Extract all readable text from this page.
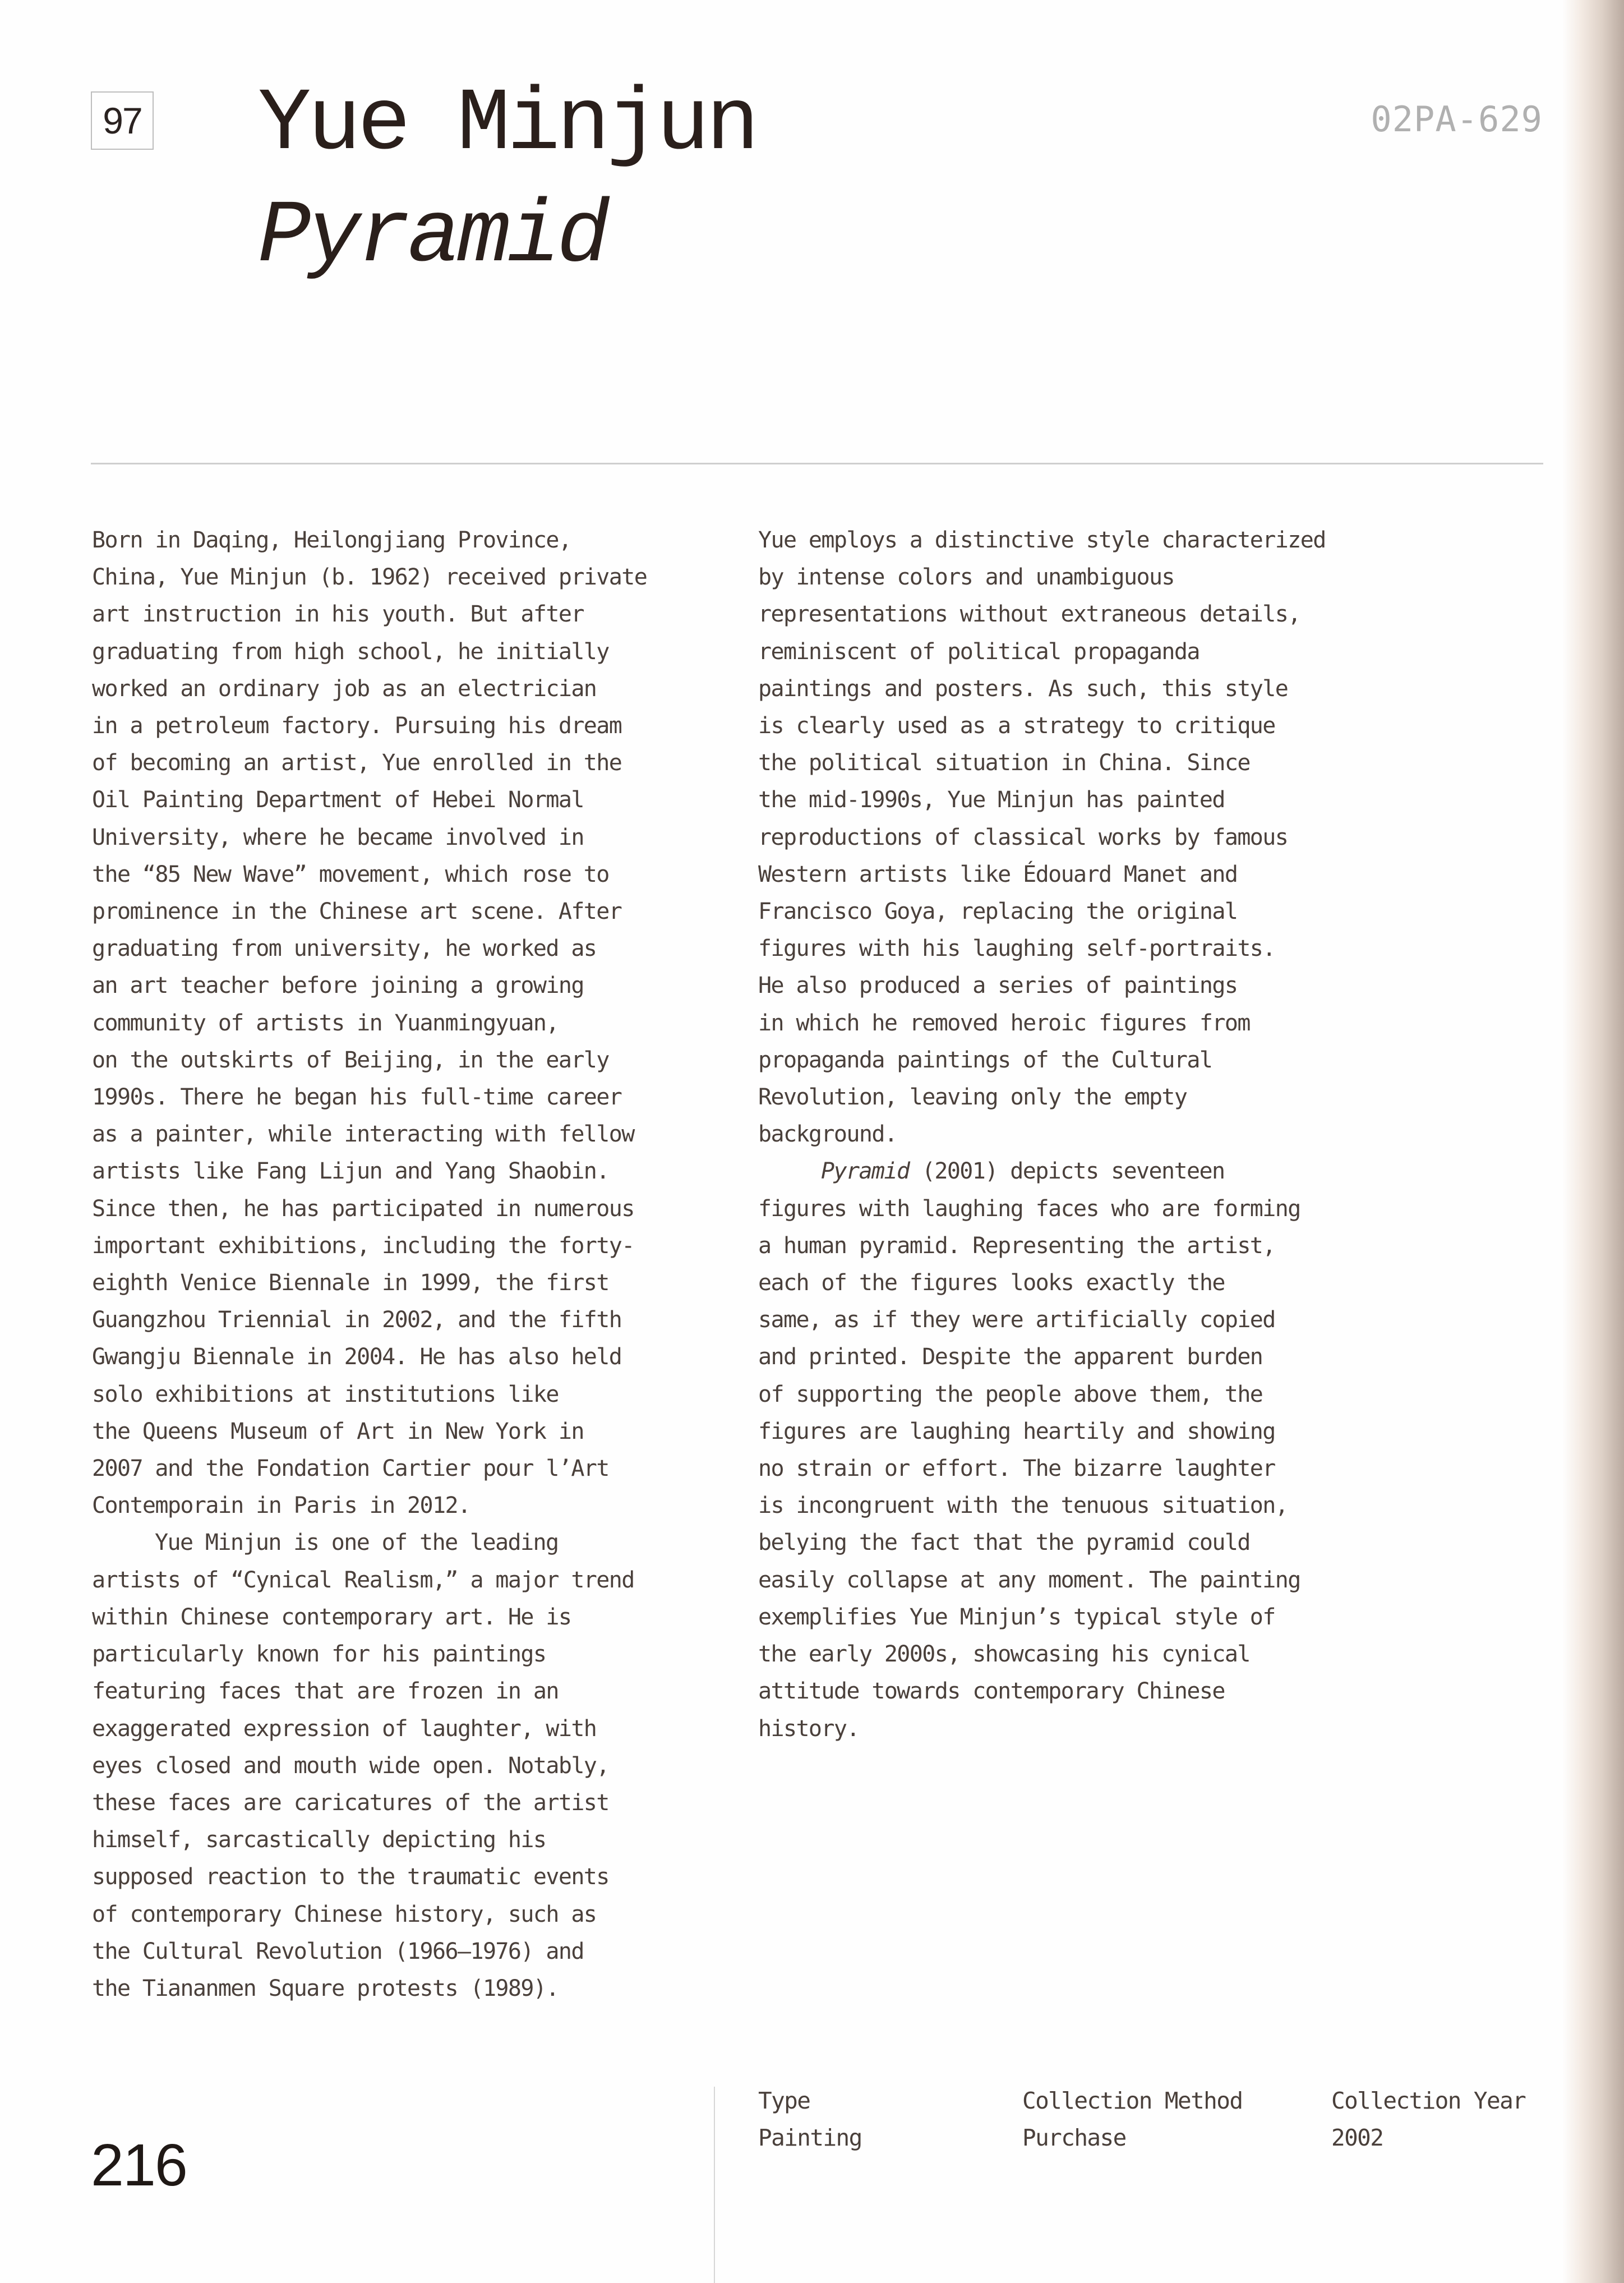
97 Yue Minjun
Pyramid
02PA-629

Born in Daqing, Heilongjiang Province,
China, Yue Minjun (b. 1962) received private
art instruction in his youth. But after
graduating from high school, he initially
worked an ordinary job as an electrician
in a petroleum factory. Pursuing his dream
of becoming an artist, Yue enrolled in the
Oil Painting Department of Hebei Normal
University, where he became involved in
the “85 New Wave” movement, which rose to
prominence in the Chinese art scene. After
graduating from university, he worked as
an art teacher before joining a growing
community of artists in Yuanmingyuan,
on the outskirts of Beijing, in the early
1990s. There he began his full-time career
as a painter, while interacting with fellow
artists like Fang Lijun and Yang Shaobin.
Since then, he has participated in numerous
important exhibitions, including the forty-
eighth Venice Biennale in 1999, the first
Guangzhou Triennial in 2002, and the fifth
Gwangju Biennale in 2004. He has also held
solo exhibitions at institutions like
the Queens Museum of Art in New York in
2007 and the Fondation Cartier pour l’Art
Contemporain in Paris in 2012.

Yue Minjun is one of the leading
artists of “Cynical Realism,” a major trend
within Chinese contemporary art. He is
particularly known for his paintings
featuring faces that are frozen in an
exaggerated expression of laughter, with
eyes closed and mouth wide open. Notably,
these faces are caricatures of the artist
himself, sarcastically depicting his
supposed reaction to the traumatic events
of contemporary Chinese history, such as
the Cultural Revolution (1966–1976) and
the Tiananmen Square protests (1989).

Yue employs a distinctive style characterized
by intense colors and unambiguous
representations without extraneous details,
reminiscent of political propaganda
paintings and posters. As such, this style
is clearly used as a strategy to critique
the political situation in China. Since
the mid-1990s, Yue Minjun has painted
reproductions of classical works by famous
Western artists like Édouard Manet and
Francisco Goya, replacing the original
figures with his laughing self-portraits.
He also produced a series of paintings
in which he removed heroic figures from
propaganda paintings of the Cultural
Revolution, leaving only the empty
background.

Pyramid (2001) depicts seventeen
figures with laughing faces who are forming
a human pyramid. Representing the artist,
each of the figures looks exactly the
same, as if they were artificially copied
and printed. Despite the apparent burden
of supporting the people above them, the
figures are laughing heartily and showing
no strain or effort. The bizarre laughter
is incongruent with the tenuous situation,
belying the fact that the pyramid could
easily collapse at any moment. The painting
exemplifies Yue Minjun’s typical style of
the early 2000s, showcasing his cynical
attitude towards contemporary Chinese
history.

216
Type
Painting
Collection Method
Purchase
Collection Year
2002
